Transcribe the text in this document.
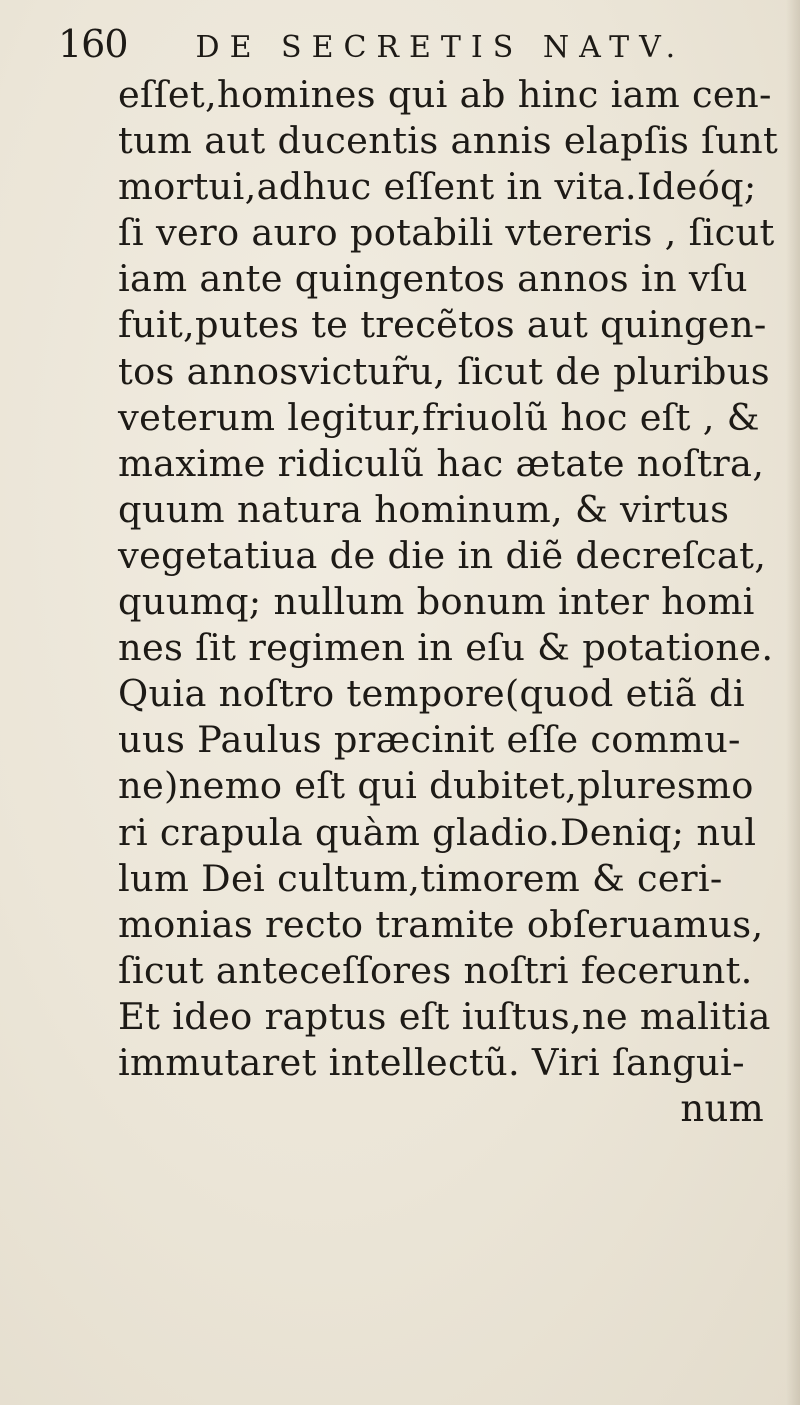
160 DE SECRETIS NATV.
eſſet,homines qui ab hinc iam cen-
tum aut ducentis annis elapſis ſunt
mortui,adhuc eſſent in vita.Ideóq;
ſi vero auro potabili vtereris , ſicut
iam ante quingentos annos in vſu
fuit,putes te trecẽtos aut quingen-
tos annosvictur̃u, ſicut de pluribus
veterum legitur,friuolũ hoc eſt , &
maxime ridiculũ hac ætate noſtra,
quum natura hominum, & virtus
vegetatiua de die in diẽ decreſcat,
quumq; nullum bonum inter homi
nes ſit regimen in eſu & potatione.
Quia noſtro tempore(quod etiã di
uus Paulus præcinit eſſe commu-
ne)nemo eſt qui dubitet,pluresmo
ri crapula quàm gladio.Deniq; nul
lum Dei cultum,timorem & ceri-
monias recto tramite obſeruamus,
ſicut anteceſſores noſtri fecerunt.
Et ideo raptus eſt iuſtus,ne malitia
immutaret intellectũ. Viri ſangui-
num
